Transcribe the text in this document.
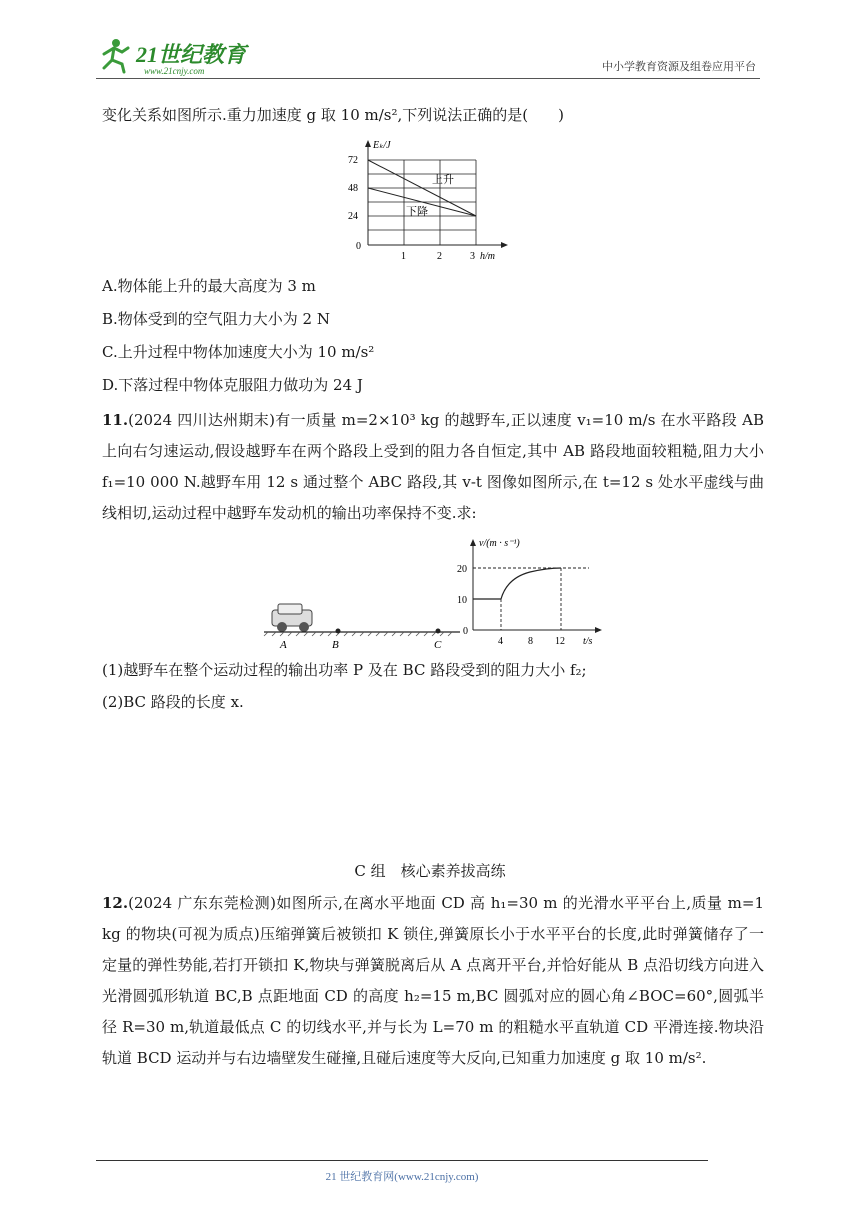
21世纪教育
www.21cnjy.com	中小学教育资源及组卷应用平台
变化关系如图所示.重力加速度 g 取 10 m/s²,下列说法正确的是(　　)
Eₖ/J
72
48
24
0
1	2	3 h/m
上升
下降
A.物体能上升的最大高度为 3 m
B.物体受到的空气阻力大小为 2 N
C.上升过程中物体加速度大小为 10 m/s²
D.下落过程中物体克服阻力做功为 24 J
11.(2024 四川达州期末)有一质量 m=2×10³ kg 的越野车,正以速度 v₁=10 m/s 在水平路段 AB 上向右匀速运动,假设越野车在两个路段上受到的阻力各自恒定,其中 AB 路段地面较粗糙,阻力大小 f₁=10 000 N.越野车用 12 s 通过整个 ABC 路段,其 v-t 图像如图所示,在 t=12 s 处水平虚线与曲线相切,运动过程中越野车发动机的输出功率保持不变.求:
A	B	C
v/(m · s⁻¹)
20
10
0
4	8 12 t/s
(1)越野车在整个运动过程的输出功率 P 及在 BC 路段受到的阻力大小 f₂;
(2)BC 路段的长度 x.
C 组　核心素养拔高练
12.(2024 广东东莞检测)如图所示,在离水平地面 CD 高 h₁=30 m 的光滑水平平台上,质量 m=1 kg 的物块(可视为质点)压缩弹簧后被锁扣 K 锁住,弹簧原长小于水平平台的长度,此时弹簧储存了一定量的弹性势能,若打开锁扣 K,物块与弹簧脱离后从 A 点离开平台,并恰好能从 B 点沿切线方向进入光滑圆弧形轨道 BC,B 点距地面 CD 的高度 h₂=15 m,BC 圆弧对应的圆心角∠BOC=60°,圆弧半径 R=30 m,轨道最低点 C 的切线水平,并与长为 L=70 m 的粗糙水平直轨道 CD 平滑连接.物块沿轨道 BCD 运动并与右边墙壁发生碰撞,且碰后速度等大反向,已知重力加速度 g 取 10 m/s².
21 世纪教育网(www.21cnjy.com)
